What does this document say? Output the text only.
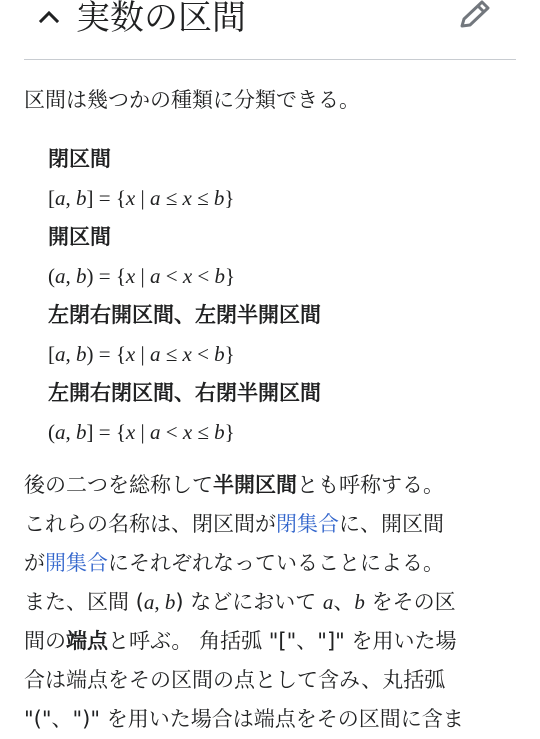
実数の区間
区間は幾つかの種類に分類できる。
閉区間
[a, b] = {x | a ≤ x ≤ b}
開区間
(a, b) = {x | a < x < b}
左閉右開区間、左閉半開区間
[a, b) = {x | a ≤ x < b}
左開右閉区間、右閉半開区間
(a, b] = {x | a < x ≤ b}
後の二つを総称して半開区間とも呼称する。
これらの名称は、閉区間が閉集合に、開区間
が開集合にそれぞれなっていることによる。
また、区間 (a, b) などにおいて a、b をその区
間の端点と呼ぶ。 角括弧 "["、"]" を用いた場
合は端点をその区間の点として含み、丸括弧
"("、")" を用いた場合は端点をその区間に含ま
